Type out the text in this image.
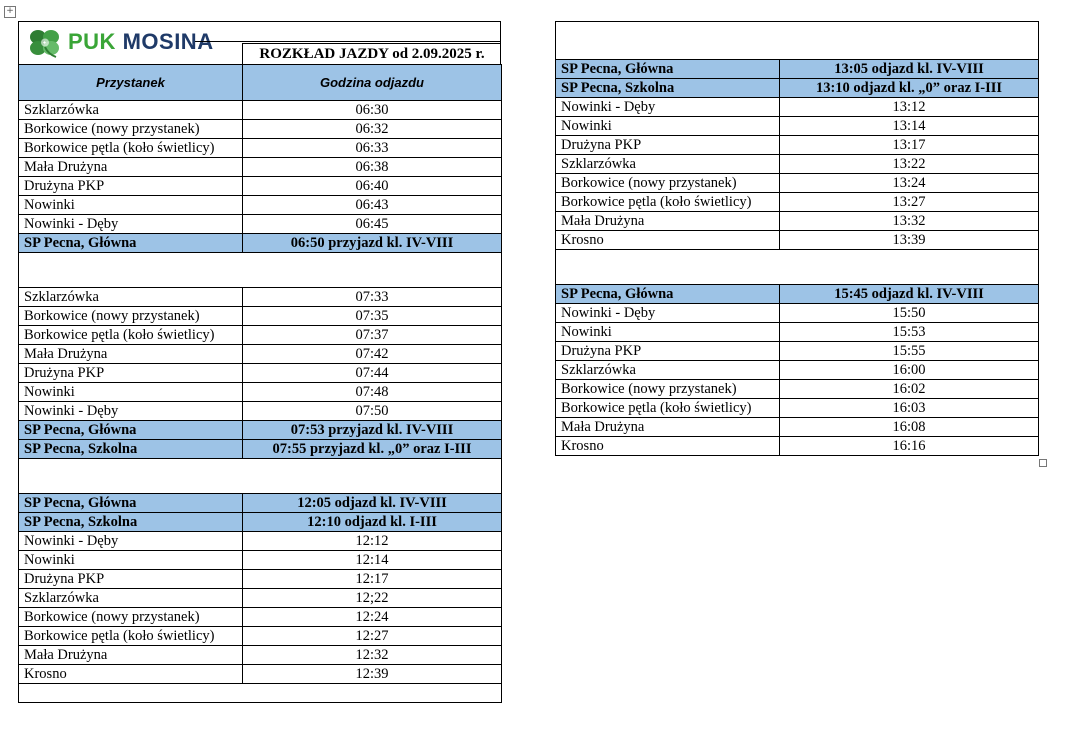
+
PUK MOSINA	ROZKŁAD JAZDY od 2.09.2025 r.
Przystanek	Godzina odjazdu
Szklarzówka	06:30
Borkowice (nowy przystanek)	06:32
Borkowice pętla (koło świetlicy)	06:33
Mała Drużyna	06:38
Drużyna PKP	06:40
Nowinki	06:43
Nowinki - Dęby	06:45
SP Pecna, Główna	06:50 przyjazd kl. IV-VIII

Szklarzówka	07:33
Borkowice (nowy przystanek)	07:35
Borkowice pętla (koło świetlicy)	07:37
Mała Drużyna	07:42
Drużyna PKP	07:44
Nowinki	07:48
Nowinki - Dęby	07:50
SP Pecna, Główna	07:53 przyjazd kl. IV-VIII
SP Pecna, Szkolna	07:55 przyjazd kl. „0” oraz I-III

SP Pecna, Główna	12:05 odjazd kl. IV-VIII
SP Pecna, Szkolna	12:10 odjazd kl. I-III
Nowinki - Dęby	12:12
Nowinki	12:14
Drużyna PKP	12:17
Szklarzówka	12;22
Borkowice (nowy przystanek)	12:24
Borkowice pętla (koło świetlicy)	12:27
Mała Drużyna	12:32
Krosno	12:39

SP Pecna, Główna	13:05 odjazd kl. IV-VIII
SP Pecna, Szkolna	13:10 odjazd kl. „0” oraz I-III
Nowinki - Dęby	13:12
Nowinki	13:14
Drużyna PKP	13:17
Szklarzówka	13:22
Borkowice (nowy przystanek)	13:24
Borkowice pętla (koło świetlicy)	13:27
Mała Drużyna	13:32
Krosno	13:39

SP Pecna, Główna	15:45 odjazd kl. IV-VIII
Nowinki - Dęby	15:50
Nowinki	15:53
Drużyna PKP	15:55
Szklarzówka	16:00
Borkowice (nowy przystanek)	16:02
Borkowice pętla (koło świetlicy)	16:03
Mała Drużyna	16:08
Krosno	16:16
